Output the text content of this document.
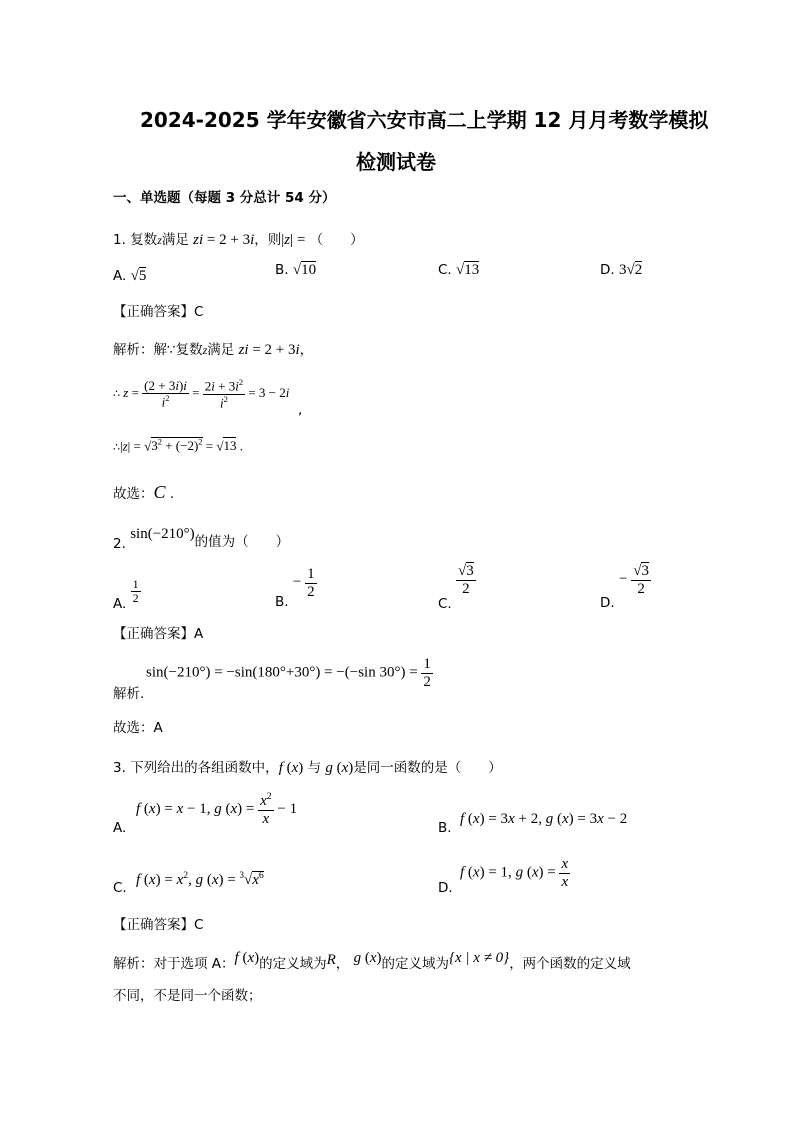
2024-2025 学年安徽省六安市高二上学期 12 月月考数学模拟
检测试卷
一、单选题（每题 3 分总计 54 分）
1. 复数z满足 zi = 2 + 3i，则|z| = （　　）
A. √5	B. √10	C. √13	D. 3√2
【正确答案】C
解析：解∵复数z满足 zi = 2 + 3i，
∴ $z = \frac{(2 + 3i)i}{i^2} = \frac{2i + 3i^2}{i^2} = 3 - 2i$
,
∴|z| = $√3^2 + (-2)^2 = √13$ .
故选：C .
2. sin(−210°)的值为（　　）
A. $\frac{1}{2}$	B. − $\frac{1}{2}$
C.
$\frac{√3}{2}$
D. − $\frac{√3}{2}$
【正确答案】A
解析.
sin(−210°) = −sin(180°+30°) = −(−sin $30^\circ) = \frac{1}{2}$
故选：A
3. 下列给出的各组函数中，f (x) 与 g (x)是同一函数的是（　　）
A.
f (x) = x − 1, g $(x) = \frac{x^2}{x} - 1$
B.
f (x) = 3x + 2, g (x) = 3x − 2
C. f $(x) = x^2$, g $(x) = ^3√x^6$
D.
f (x) = 1, g $(x) = \frac{x}{x}$
【正确答案】C
解析：对于选项 A：f (x)的定义域为R， g (x)的定义域为{x | x ≠ 0}，两个函数的定义域
不同，不是同一个函数；
